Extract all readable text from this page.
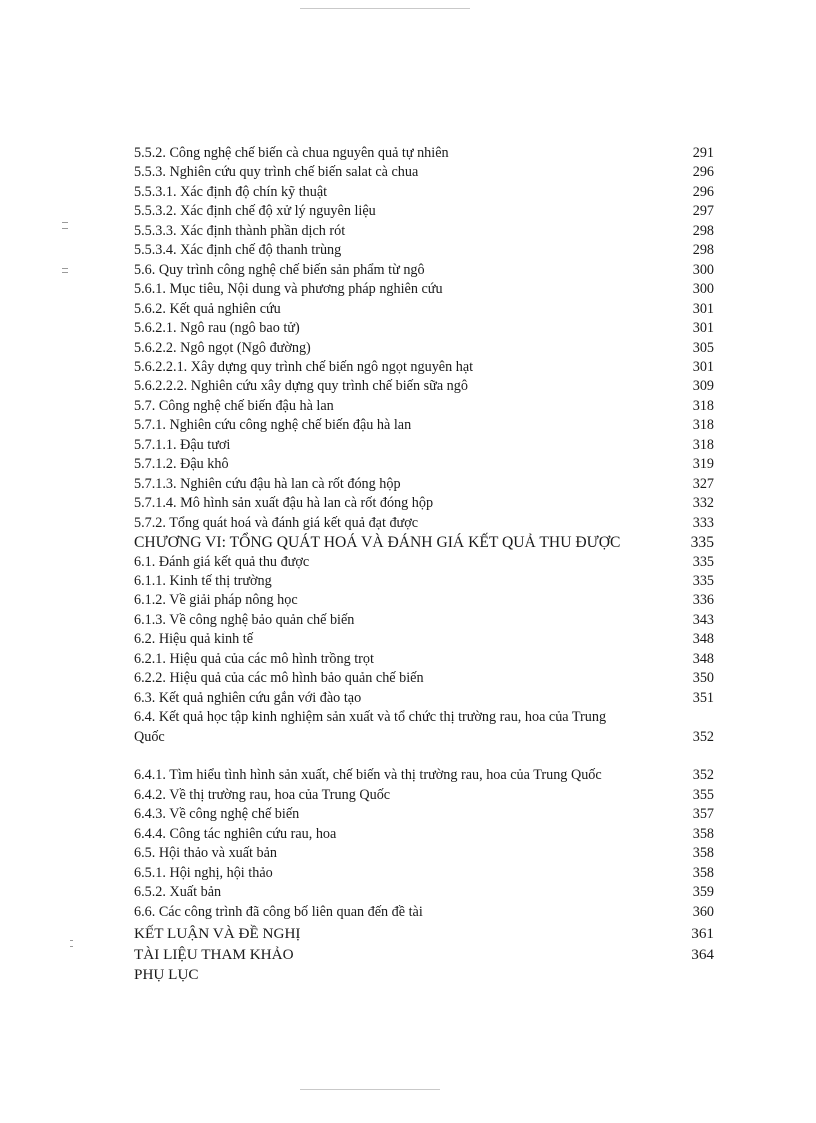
5.5.2. Công nghệ chế biến cà chua nguyên quả tự nhiên	291
5.5.3. Nghiên cứu quy trình chế biến salat cà chua	296
5.5.3.1. Xác định độ chín kỹ thuật	296
5.5.3.2. Xác định chế độ xử lý nguyên liệu	297
5.5.3.3. Xác định thành phần dịch rót	298
5.5.3.4. Xác định chế độ thanh trùng	298
5.6. Quy trình công nghệ chế biến sản phẩm từ ngô	300
5.6.1. Mục tiêu, Nội dung và phương pháp nghiên cứu	300
5.6.2. Kết quả nghiên cứu	301
5.6.2.1. Ngô rau (ngô bao tử)	301
5.6.2.2. Ngô ngọt (Ngô đường)	305
5.6.2.2.1. Xây dựng quy trình chế biến ngô ngọt nguyên hạt	301
5.6.2.2.2. Nghiên cứu xây dựng quy trình chế biến sữa ngô	309
5.7. Công nghệ chế biến đậu hà lan	318
5.7.1. Nghiên cứu công nghệ chế biến đậu hà lan	318
5.7.1.1. Đậu tươi	318
5.7.1.2. Đậu khô	319
5.7.1.3. Nghiên cứu đậu hà lan cà rốt đóng hộp	327
5.7.1.4. Mô hình sản xuất đậu hà lan cà rốt đóng hộp	332
5.7.2. Tổng quát hoá và đánh giá kết quả đạt được	333
CHƯƠNG VI: TỔNG QUÁT HOÁ VÀ ĐÁNH GIÁ KẾT QUẢ THU ĐƯỢC	335
6.1. Đánh giá kết quả thu được	335
6.1.1. Kinh tế thị trường	335
6.1.2. Về giải pháp nông học	336
6.1.3. Về công nghệ bảo quản chế biến	343
6.2. Hiệu quả kinh tế	348
6.2.1. Hiệu quả của các mô hình trồng trọt	348
6.2.2. Hiệu quả của các mô hình bảo quản chế biến	350
6.3. Kết quả nghiên cứu gắn với đào tạo	351
6.4. Kết quả học tập kinh nghiệm sản xuất và tổ chức thị trường rau, hoa của Trung Quốc	352
6.4.1. Tìm hiểu tình hình sản xuất, chế biến và thị trường rau, hoa của Trung Quốc	352
6.4.2. Về thị trường rau, hoa của Trung Quốc	355
6.4.3. Về công nghệ chế biến	357
6.4.4. Công tác nghiên cứu rau, hoa	358
6.5. Hội thảo và xuất bản	358
6.5.1. Hội nghị, hội thảo	358
6.5.2. Xuất bản	359
6.6. Các công trình đã công bố liên quan đến đề tài	360
KẾT LUẬN VÀ ĐỀ NGHỊ	361
TÀI LIỆU THAM KHẢO	364
PHỤ LỤC
